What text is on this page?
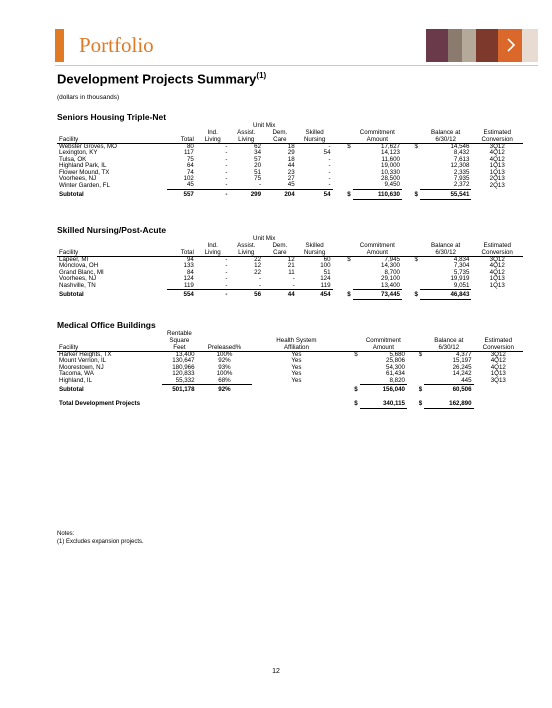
Portfolio
Development Projects Summary$^{(1)}$
(dollars in thousands)
Seniors Housing Triple-Net
		Unit Mix								
		Ind.	Assist.	Dem.	Skilled		Commitment		Balance at	Estimated
Facility	Total	Living	Living	Care	Nursing		Amount		6/30/12	Conversion
Webster Groves, MO	80	-	62	18	-	$	17,627	$	14,546	3Q12
Lexington, KY	117	-	34	29	54		14,123		8,432	4Q12
Tulsa, OK	75	-	57	18	-		11,600		7,613	4Q12
Highland Park, IL	64	-	20	44	-		19,000		12,308	1Q13
Flower Mound, TX	74	-	51	23	-		10,330		2,335	1Q13
Voorhees, NJ	102	-	75	27	-		28,500		7,935	2Q13
Winter Garden, FL	45	-	-	45	-		9,450		2,372	2Q13
Subtotal	557	-	299	204	54	$	110,630	$	55,541	
Skilled Nursing/Post-Acute
		Unit Mix								
		Ind.	Assist.	Dem.	Skilled		Commitment		Balance at	Estimated
Facility	Total	Living	Living	Care	Nursing		Amount		6/30/12	Conversion
Lapeer, MI	94	-	22	12	60	$	7,945	$	4,834	3Q12
Monclova, OH	133	-	12	21	100		14,300		7,304	4Q12
Grand Blanc, MI	84	-	22	11	51		8,700		5,735	4Q12
Voorhees, NJ	124	-	-	-	124		29,100		19,919	1Q13
Nashville, TN	119	-	-	-	119		13,400		9,051	1Q13
Subtotal	554	-	56	44	454	$	73,445	$	46,843	
Medical Office Buildings
	Rentable							
	Square		Health System		Commitment		Balance at	Estimated
Facility	Feet	Preleased%	Affiliation		Amount		6/30/12	Conversion
Harker Heights, TX	13,400	100%	Yes	$	5,680	$	4,377	3Q12
Mount Vernon, IL	130,647	92%	Yes		25,806		15,197	4Q12
Moorestown, NJ	180,966	93%	Yes		54,300		26,245	4Q12
Tacoma, WA	120,833	100%	Yes		61,434		14,242	1Q13
Highland, IL	55,332	68%	Yes		8,820		445	3Q13
Subtotal	501,178	92%		$	156,040	$	60,506	

Total Development Projects				$	340,115	$	162,890	
Notes:
(1) Excludes expansion projects.
12
